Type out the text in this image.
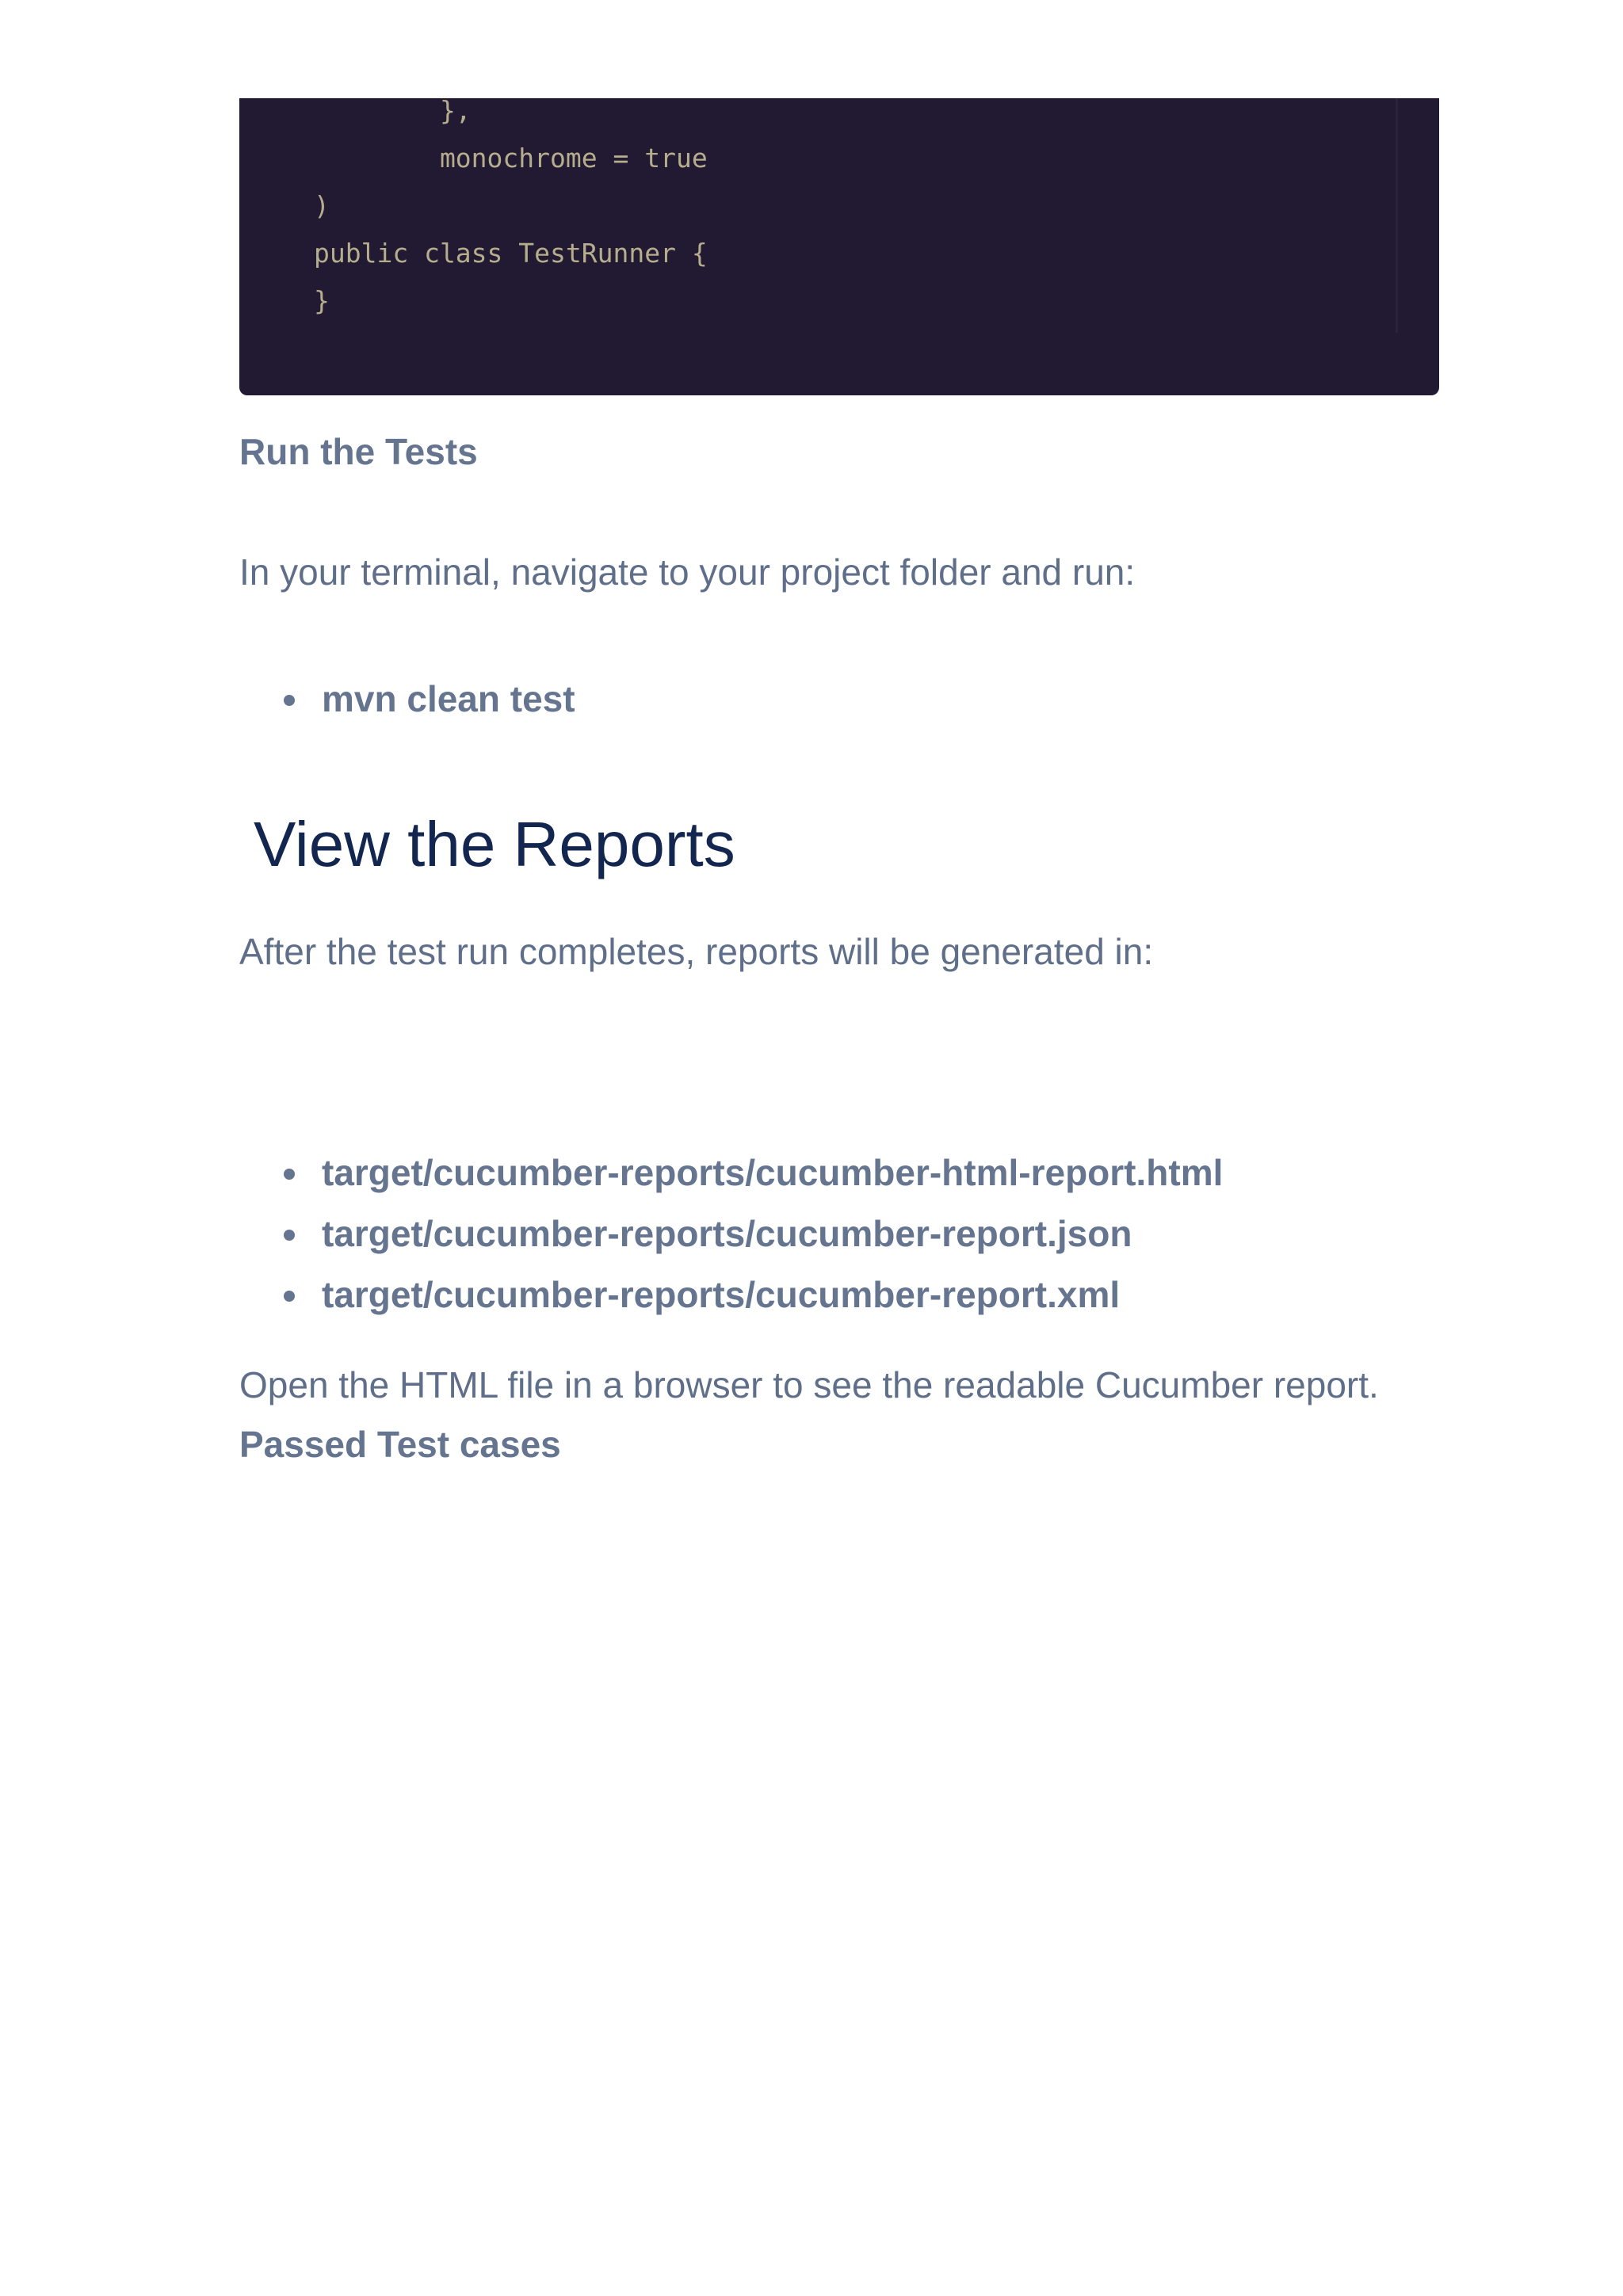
},
monochrome = true
)
public class TestRunner {
}
Run the Tests
In your terminal, navigate to your project folder and run:
mvn clean test
View the Reports
After the test run completes, reports will be generated in:
target/cucumber-reports/cucumber-html-report.html
target/cucumber-reports/cucumber-report.json
target/cucumber-reports/cucumber-report.xml
Open the HTML file in a browser to see the readable Cucumber report.
Passed Test cases
